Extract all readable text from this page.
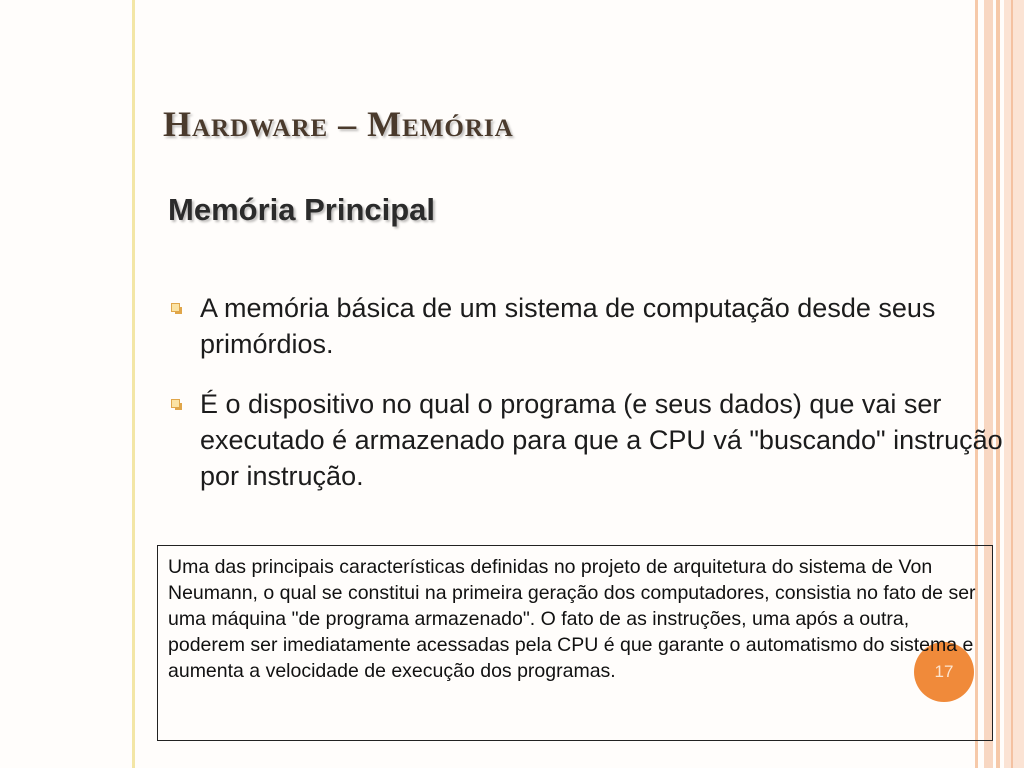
Hardware – Memória
Memória Principal
A memória básica de um sistema de computação desde seus primórdios.
É o dispositivo no qual o programa (e seus dados) que vai ser executado é armazenado para que a CPU vá "buscando" instrução por instrução.
17

Uma das principais características definidas no projeto de arquitetura do sistema de Von Neumann, o qual se constitui na primeira geração dos computadores, consistia no fato de ser uma máquina "de programa armazenado". O fato de as instruções, uma após a outra, poderem ser imediatamente acessadas pela CPU é que garante o automatismo do sistema e aumenta a velocidade de execução dos programas.
